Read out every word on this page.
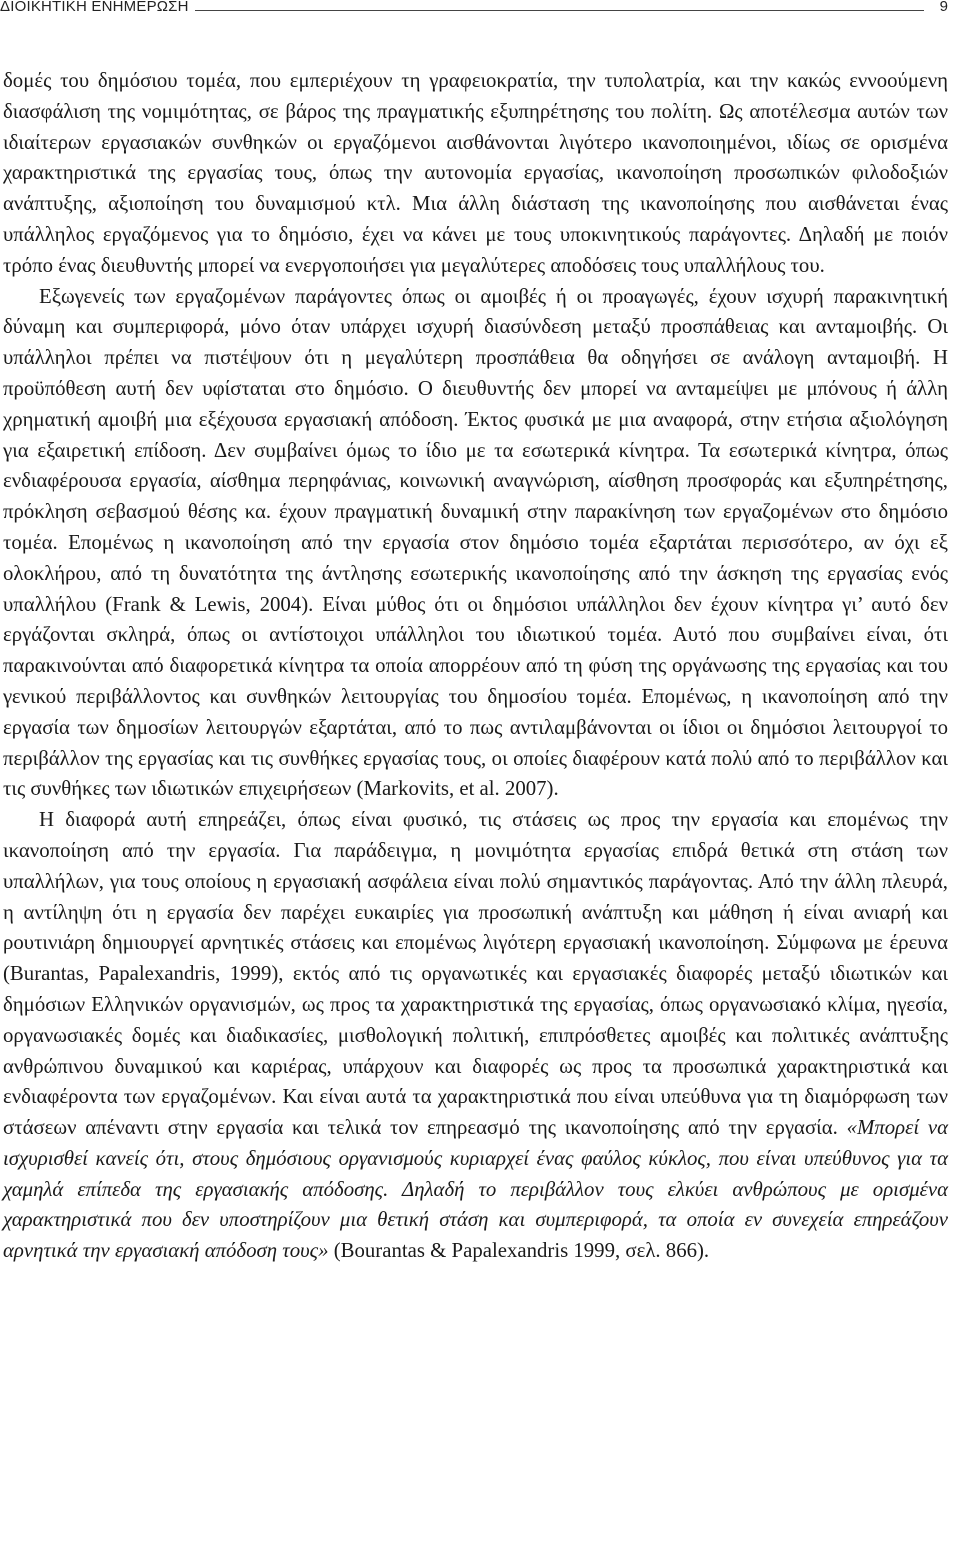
ΔΙΟΙΚΗΤΙΚΗ ΕΝΗΜΕΡΩΣΗ	9

δομές του δημόσιου τομέα, που εμπεριέχουν τη γραφειοκρατία, την τυπολατρία, και την κακώς εννοούμενη διασφάλιση της νομιμότητας, σε βάρος της πραγματικής εξυπηρέτησης του πολίτη. Ως αποτέλεσμα αυτών των ιδιαίτερων εργασιακών συνθηκών οι εργαζόμενοι αισθάνονται λιγότερο ικανοποιημένοι, ιδίως σε ορισμένα χαρακτηριστικά της εργασίας τους, όπως την αυτονομία εργασίας, ικανοποίηση προσωπικών φιλοδοξιών ανάπτυξης, αξιοποίηση του δυναμισμού κτλ. Μια άλλη διάσταση της ικανοποίησης που αισθάνεται ένας υπάλληλος εργαζόμενος για το δημόσιο, έχει να κάνει με τους υποκινητικούς παράγοντες. Δηλαδή με ποιόν τρόπο ένας διευθυντής μπορεί να ενεργοποιήσει για μεγαλύτερες αποδόσεις τους υπαλλήλους του.

Εξωγενείς των εργαζομένων παράγοντες όπως οι αμοιβές ή οι προαγωγές, έχουν ισχυρή παρακινητική δύναμη και συμπεριφορά, μόνο όταν υπάρχει ισχυρή διασύνδεση μεταξύ προσπάθειας και ανταμοιβής. Οι υπάλληλοι πρέπει να πιστέψουν ότι η μεγαλύτερη προσπάθεια θα οδηγήσει σε ανάλογη ανταμοιβή. Η προϋπόθεση αυτή δεν υφίσταται στο δημόσιο. Ο διευθυντής δεν μπορεί να ανταμείψει με μπόνους ή άλλη χρηματική αμοιβή μια εξέχουσα εργασιακή απόδοση. Έκτος φυσικά με μια αναφορά, στην ετήσια αξιολόγηση για εξαιρετική επίδοση. Δεν συμβαίνει όμως το ίδιο με τα εσωτερικά κίνητρα. Τα εσωτερικά κίνητρα, όπως ενδιαφέρουσα εργασία, αίσθημα περηφάνιας, κοινωνική αναγνώριση, αίσθηση προσφοράς και εξυπηρέτησης, πρόκληση σεβασμού θέσης κα. έχουν πραγματική δυναμική στην παρακίνηση των εργαζομένων στο δημόσιο τομέα. Επομένως η ικανοποίηση από την εργασία στον δημόσιο τομέα εξαρτάται περισσότερο, αν όχι εξ ολοκλήρου, από τη δυνατότητα της άντλησης εσωτερικής ικανοποίησης από την άσκηση της εργασίας ενός υπαλλήλου (Frank & Lewis, 2004). Είναι μύθος ότι οι δημόσιοι υπάλληλοι δεν έχουν κίνητρα γι’ αυτό δεν εργάζονται σκληρά, όπως οι αντίστοιχοι υπάλληλοι του ιδιωτικού τομέα. Αυτό που συμβαίνει είναι, ότι παρακινούνται από διαφορετικά κίνητρα τα οποία απορρέουν από τη φύση της οργάνωσης της εργασίας και του γενικού περιβάλλοντος και συνθηκών λειτουργίας του δημοσίου τομέα. Επομένως, η ικανοποίηση από την εργασία των δημοσίων λειτουργών εξαρτάται, από το πως αντιλαμβάνονται οι ίδιοι οι δημόσιοι λειτουργοί το περιβάλλον της εργασίας και τις συνθήκες εργασίας τους, οι οποίες διαφέρουν κατά πολύ από το περιβάλλον και τις συνθήκες των ιδιωτικών επιχειρήσεων (Markovits, et al. 2007).

Η διαφορά αυτή επηρεάζει, όπως είναι φυσικό, τις στάσεις ως προς την εργασία και επομένως την ικανοποίηση από την εργασία. Για παράδειγμα, η μονιμότητα εργασίας επιδρά θετικά στη στάση των υπαλλήλων, για τους οποίους η εργασιακή ασφάλεια είναι πολύ σημαντικός παράγοντας. Από την άλλη πλευρά, η αντίληψη ότι η εργασία δεν παρέχει ευκαιρίες για προσωπική ανάπτυξη και μάθηση ή είναι ανιαρή και ρουτινιάρη δημιουργεί αρνητικές στάσεις και επομένως λιγότερη εργασιακή ικανοποίηση. Σύμφωνα με έρευνα (Burantas, Papalexandris, 1999), εκτός από τις οργανωτικές και εργασιακές διαφορές μεταξύ ιδιωτικών και δημόσιων Ελληνικών οργανισμών, ως προς τα χαρακτηριστικά της εργασίας, όπως οργανωσιακό κλίμα, ηγεσία, οργανωσιακές δομές και διαδικασίες, μισθολογική πολιτική, επιπρόσθετες αμοιβές και πολιτικές ανάπτυξης ανθρώπινου δυναμικού και καριέρας, υπάρχουν και διαφορές ως προς τα προσωπικά χαρακτηριστικά και ενδιαφέροντα των εργαζομένων. Και είναι αυτά τα χαρακτηριστικά που είναι υπεύθυνα για τη διαμόρφωση των στάσεων απέναντι στην εργασία και τελικά τον επηρεασμό της ικανοποίησης από την εργασία. «Μπορεί να ισχυρισθεί κανείς ότι, στους δημόσιους οργανισμούς κυριαρχεί ένας φαύλος κύκλος, που είναι υπεύθυνος για τα χαμηλά επίπεδα της εργασιακής απόδοσης. Δηλαδή το περιβάλλον τους ελκύει ανθρώπους με ορισμένα χαρακτηριστικά που δεν υποστηρίζουν μια θετική στάση και συμπεριφορά, τα οποία εν συνεχεία επηρεάζουν αρνητικά την εργασιακή απόδοση τους» (Bourantas & Papalexandris 1999, σελ. 866).
